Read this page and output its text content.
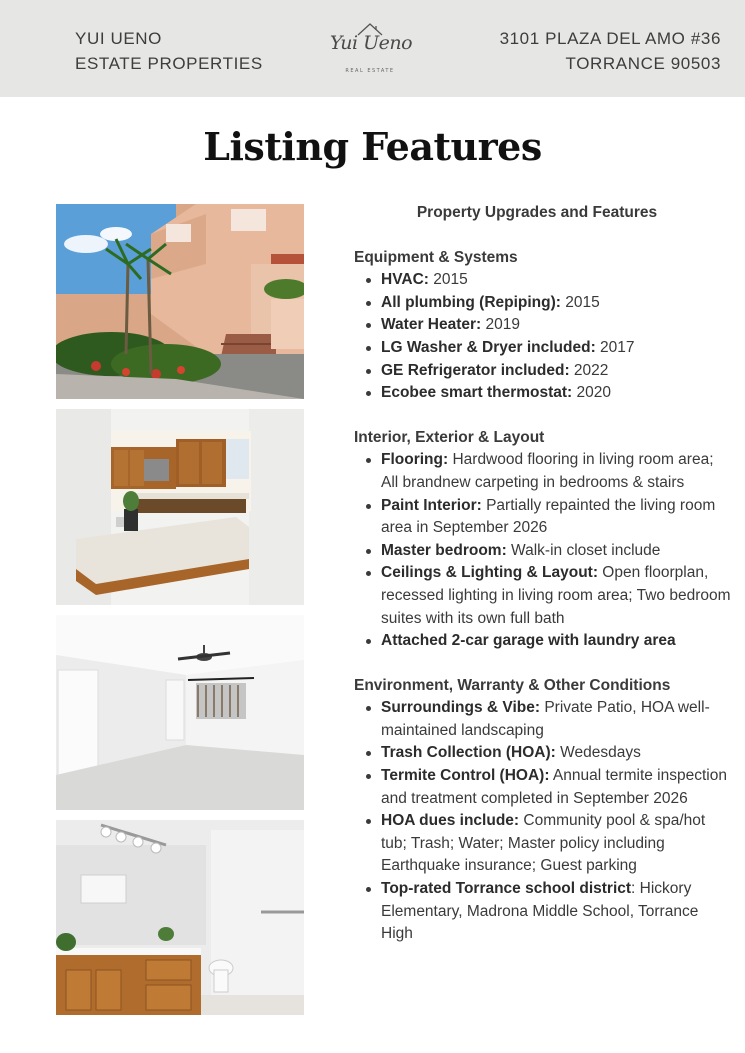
YUI UENO
ESTATE PROPERTIES
Yui Ueno
REAL ESTATE
3101 PLAZA DEL AMO #36
TORRANCE 90503
Listing Features
Property Upgrades and Features
Equipment & Systems
HVAC: 2015
All plumbing (Repiping): 2015
Water Heater: 2019
LG Washer & Dryer included: 2017
GE Refrigerator included: 2022
Ecobee smart thermostat: 2020
Interior, Exterior & Layout
Flooring: Hardwood flooring in living room area; All brandnew carpeting in bedrooms & stairs
Paint Interior: Partially repainted the living room area in September 2026
Master bedroom: Walk-in closet include
Ceilings & Lighting & Layout: Open floorplan, recessed lighting in living room area; Two bedroom suites with its own full bath
Attached 2-car garage with laundry area
Environment, Warranty & Other Conditions
Surroundings & Vibe: Private Patio, HOA well-maintained landscaping
Trash Collection (HOA): Wedesdays
Termite Control (HOA): Annual termite inspection and treatment completed in September 2026
HOA dues include: Community pool & spa/hot tub; Trash; Water; Master policy including Earthquake insurance; Guest parking
Top-rated Torrance school district: Hickory Elementary, Madrona Middle School, Torrance High
